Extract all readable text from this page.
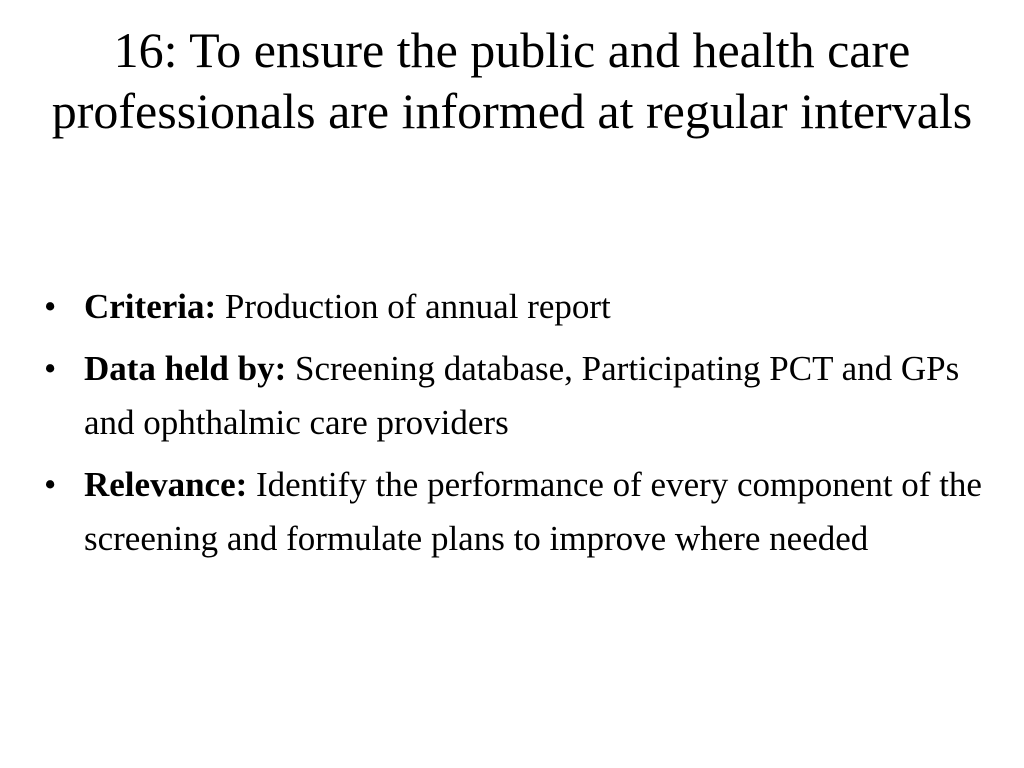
16: To ensure the public and health care professionals are informed at regular intervals
• Criteria: Production of annual report
• Data held by: Screening database, Participating PCT and GPs and ophthalmic care providers
• Relevance: Identify the performance of every component of the screening and formulate plans to improve where needed
